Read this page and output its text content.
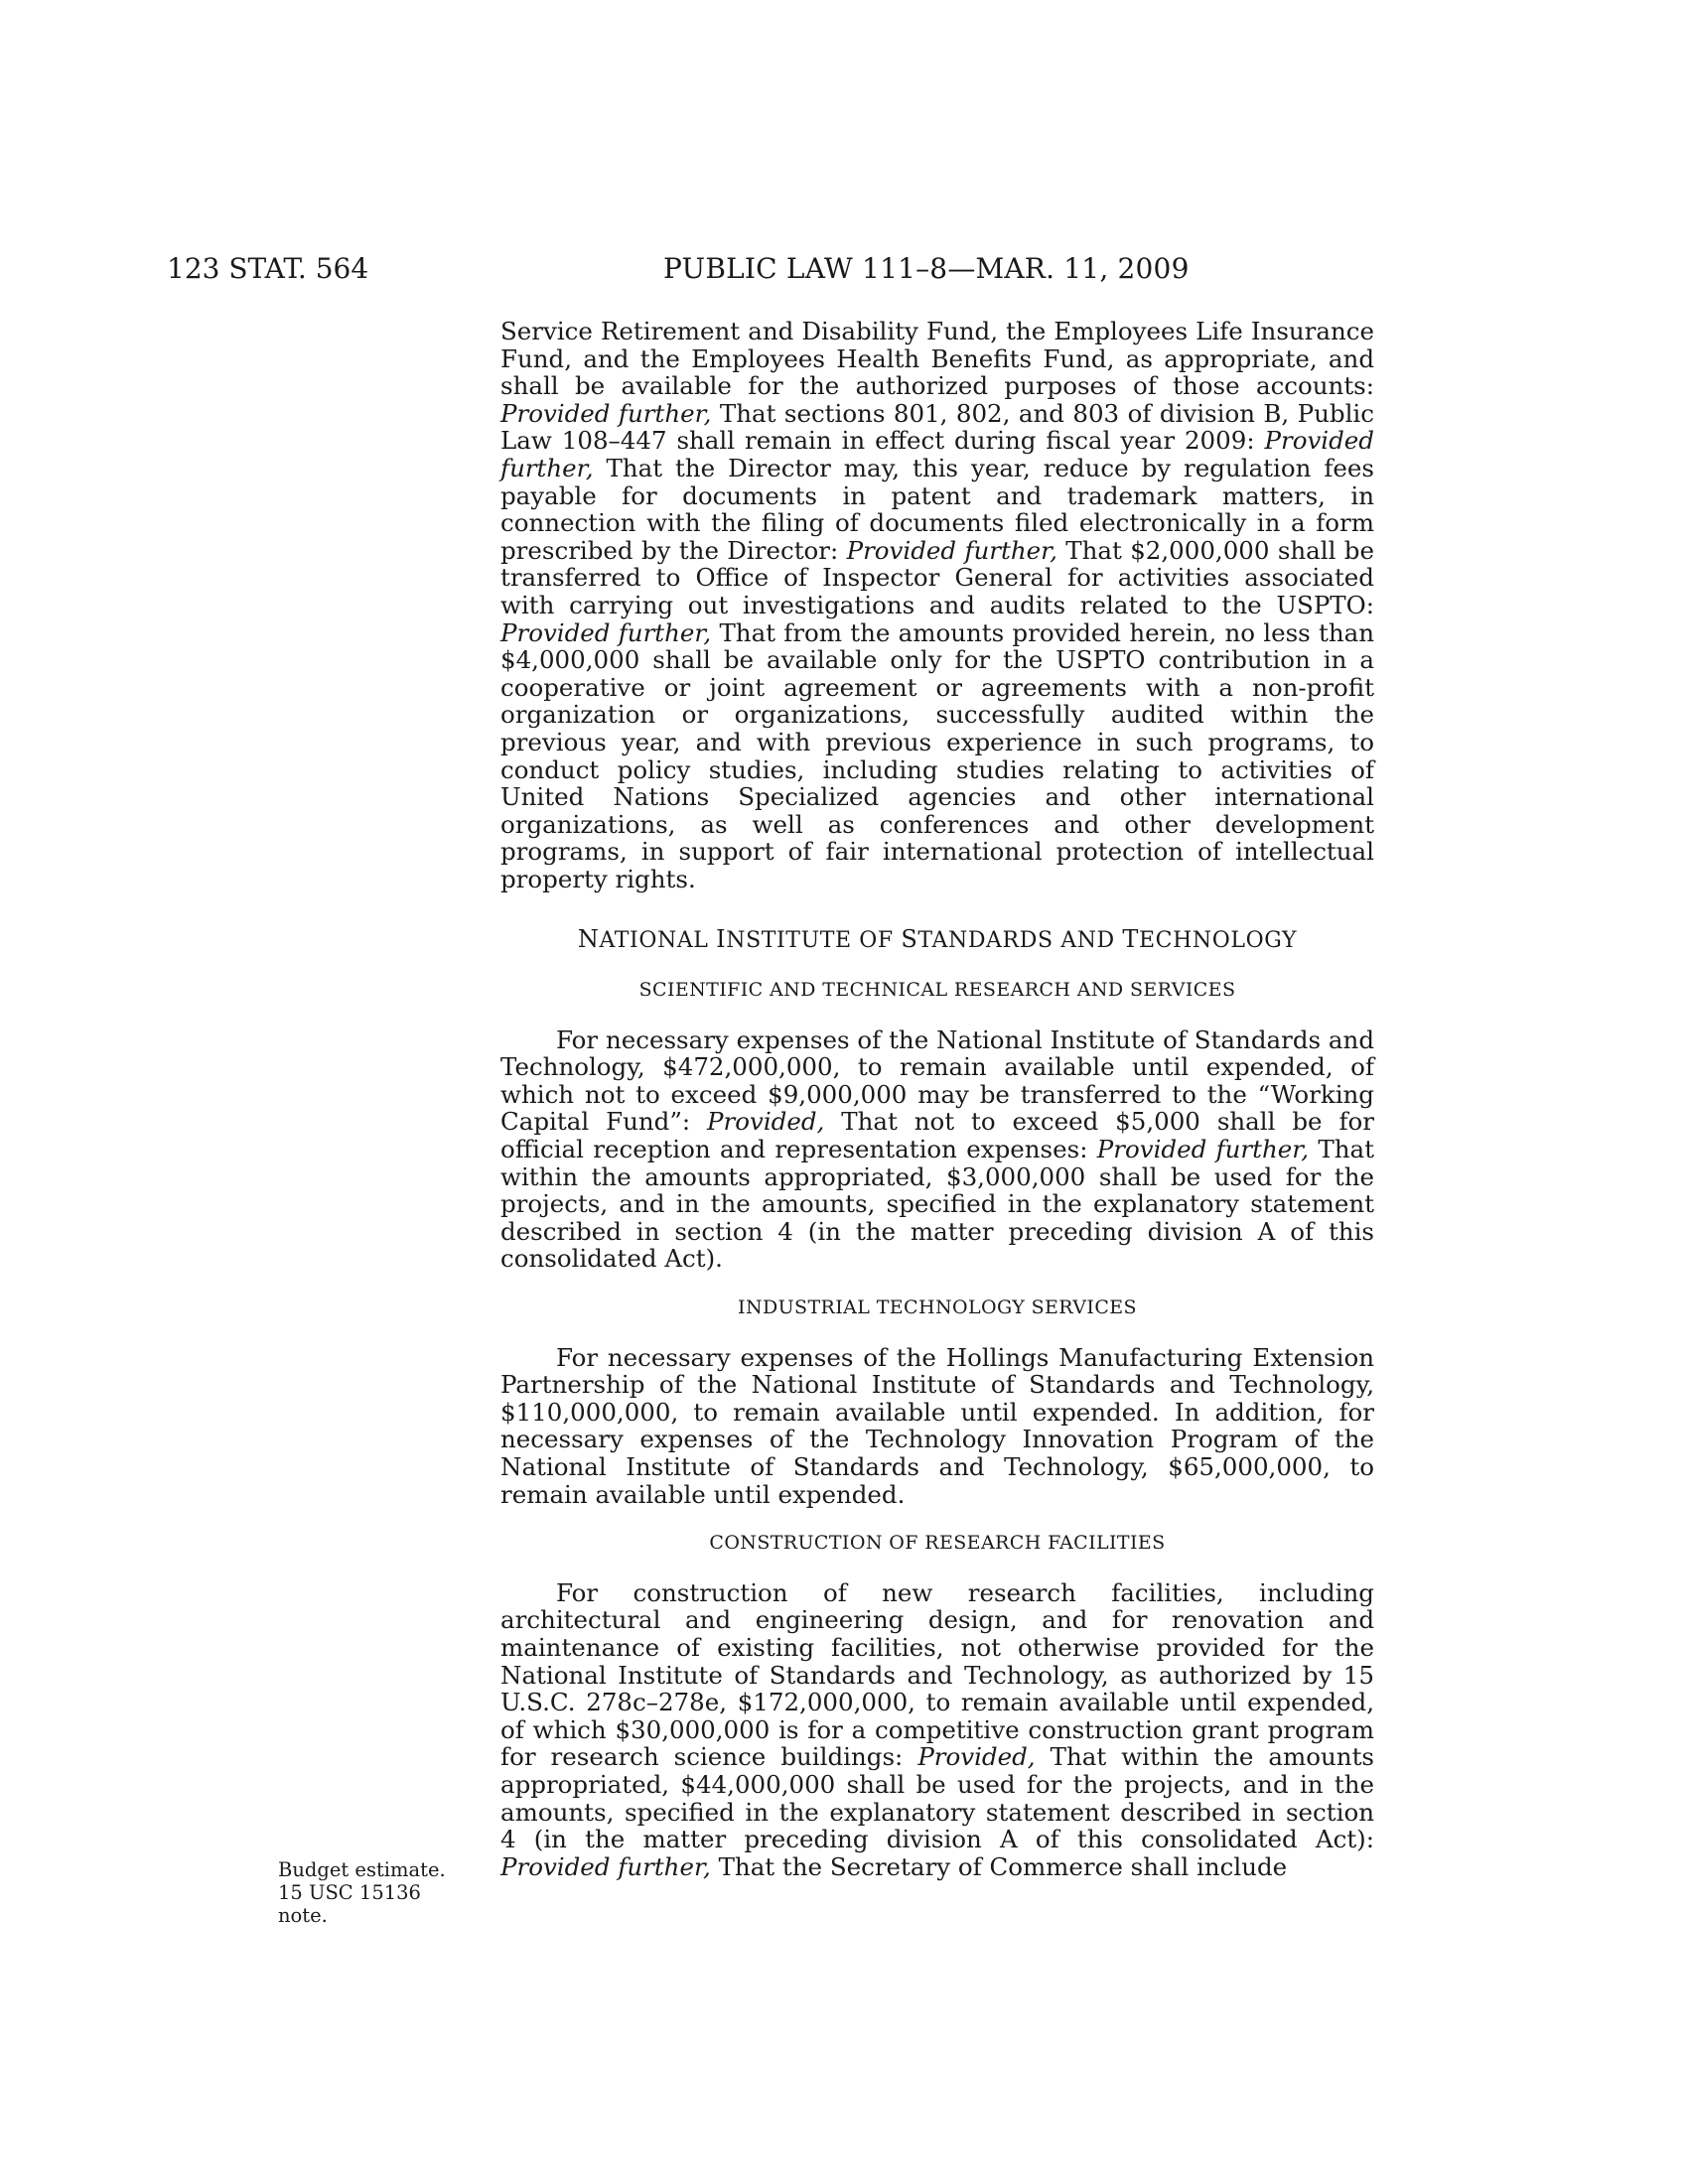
123 STAT. 564	PUBLIC LAW 111–8—MAR. 11, 2009

Service Retirement and Disability Fund, the Employees Life Insurance Fund, and the Employees Health Benefits Fund, as appropriate, and shall be available for the authorized purposes of those accounts: Provided further, That sections 801, 802, and 803 of division B, Public Law 108–447 shall remain in effect during fiscal year 2009: Provided further, That the Director may, this year, reduce by regulation fees payable for documents in patent and trademark matters, in connection with the filing of documents filed electronically in a form prescribed by the Director: Provided further, That $2,000,000 shall be transferred to Office of Inspector General for activities associated with carrying out investigations and audits related to the USPTO: Provided further, That from the amounts provided herein, no less than $4,000,000 shall be available only for the USPTO contribution in a cooperative or joint agreement or agreements with a non-profit organization or organizations, successfully audited within the previous year, and with previous experience in such programs, to conduct policy studies, including studies relating to activities of United Nations Specialized agencies and other international organizations, as well as conferences and other development programs, in support of fair international protection of intellectual property rights.

NATIONAL INSTITUTE OF STANDARDS AND TECHNOLOGY
SCIENTIFIC AND TECHNICAL RESEARCH AND SERVICES

For necessary expenses of the National Institute of Standards and Technology, $472,000,000, to remain available until expended, of which not to exceed $9,000,000 may be transferred to the “Working Capital Fund”: Provided, That not to exceed $5,000 shall be for official reception and representation expenses: Provided further, That within the amounts appropriated, $3,000,000 shall be used for the projects, and in the amounts, specified in the explanatory statement described in section 4 (in the matter preceding division A of this consolidated Act).

INDUSTRIAL TECHNOLOGY SERVICES

For necessary expenses of the Hollings Manufacturing Extension Partnership of the National Institute of Standards and Technology, $110,000,000, to remain available until expended. In addition, for necessary expenses of the Technology Innovation Program of the National Institute of Standards and Technology, $65,000,000, to remain available until expended.

CONSTRUCTION OF RESEARCH FACILITIES

For construction of new research facilities, including architectural and engineering design, and for renovation and maintenance of existing facilities, not otherwise provided for the National Institute of Standards and Technology, as authorized by 15 U.S.C. 278c–278e, $172,000,000, to remain available until expended, of which $30,000,000 is for a competitive construction grant program for research science buildings: Provided, That within the amounts appropriated, $44,000,000 shall be used for the projects, and in the amounts, specified in the explanatory statement described in section 4 (in the matter preceding division A of this consolidated Act): Provided further, That the Secretary of Commerce shall include

Budget estimate.
15 USC 15136
note.
